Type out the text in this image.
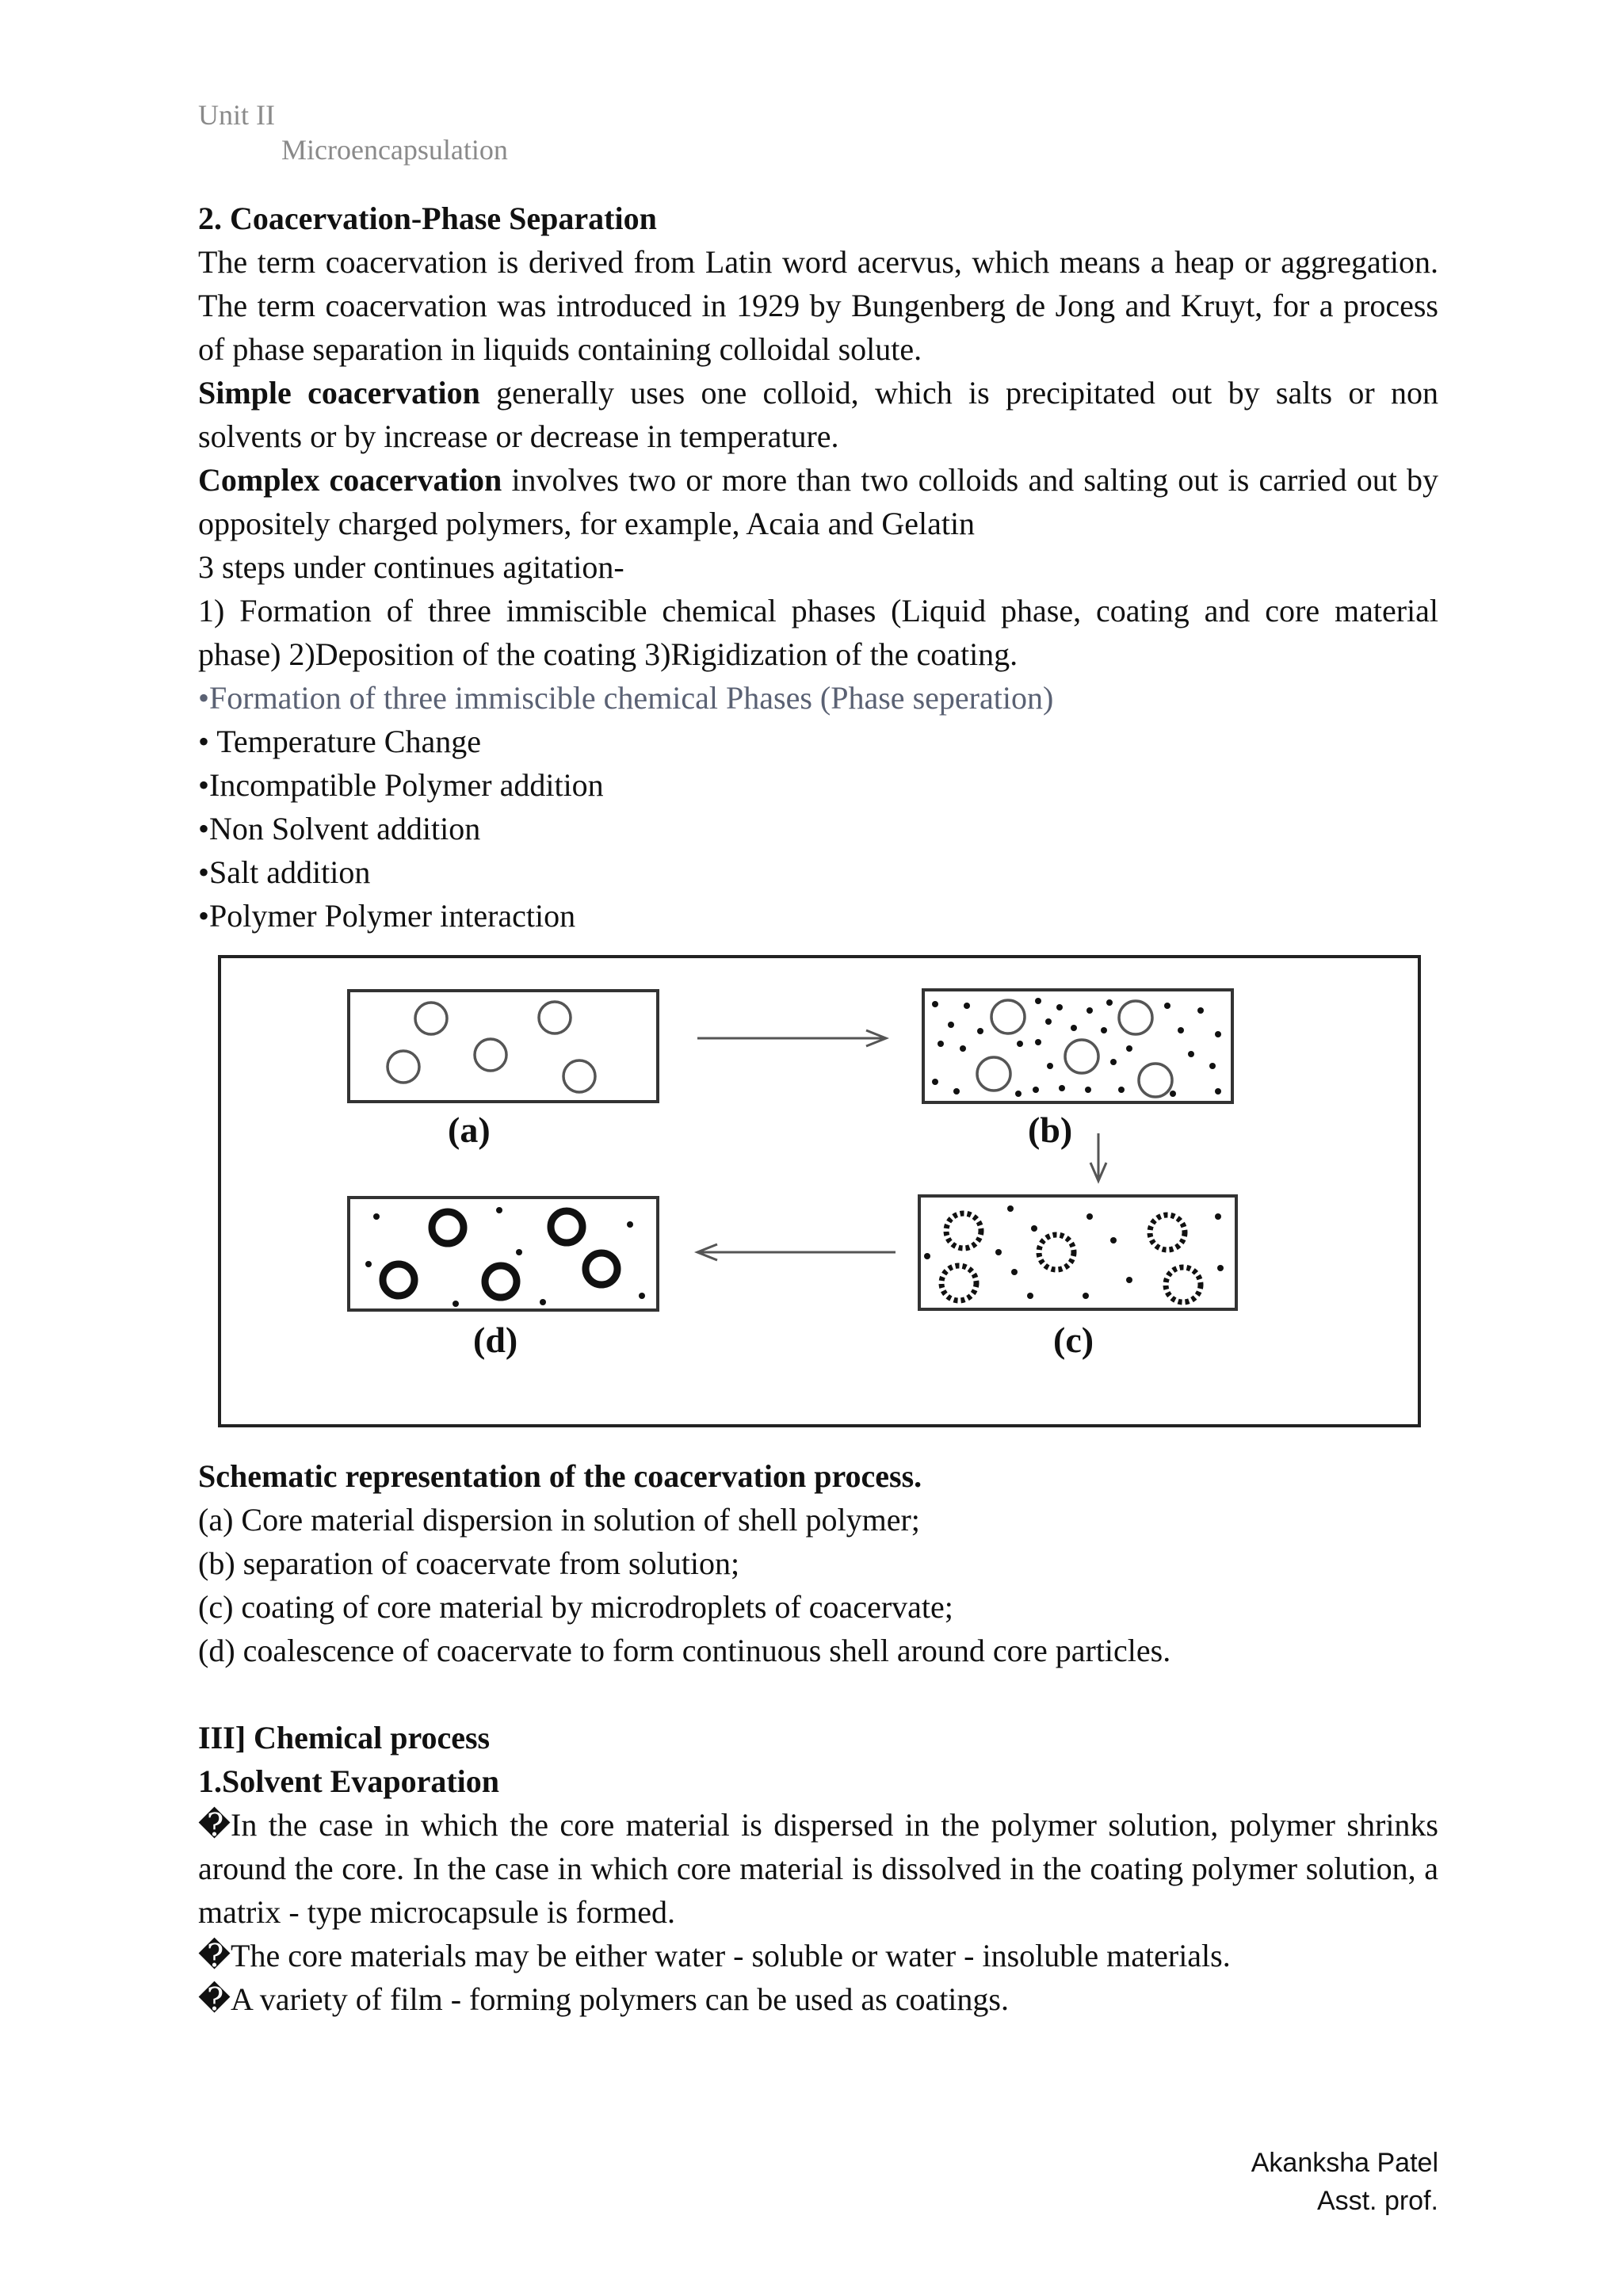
Unit II
Microencapsulation

2. Coacervation-Phase Separation

The term coacervation is derived from Latin word acervus, which means a heap or aggregation. The term coacervation was introduced in 1929 by Bungenberg de Jong and Kruyt, for a process of phase separation in liquids containing colloidal solute.

Simple coacervation generally uses one colloid, which is precipitated out by salts or non solvents or by increase or decrease in temperature.

Complex coacervation involves two or more than two colloids and salting out is carried out by oppositely charged polymers, for example, Acaia and Gelatin

3 steps under continues agitation-

1) Formation of three immiscible chemical phases (Liquid phase, coating and core material phase) 2)Deposition of the coating 3)Rigidization of the coating.

•Formation of three immiscible chemical Phases (Phase seperation)

• Temperature Change

•Incompatible Polymer addition

•Non Solvent addition

•Salt addition

•Polymer Polymer interaction

(a)	(b)
(c)
(d)

Schematic representation of the coacervation process.

(a) Core material dispersion in solution of shell polymer;

(b) separation of coacervate from solution;

(c) coating of core material by microdroplets of coacervate;

(d) coalescence of coacervate to form continuous shell around core particles.

III] Chemical process

1.Solvent Evaporation

�In the case in which the core material is dispersed in the polymer solution, polymer shrinks around the core. In the case in which core material is dissolved in the coating polymer solution, a matrix - type microcapsule is formed.

�The core materials may be either water - soluble or water - insoluble materials.

�A variety of film - forming polymers can be used as coatings.

Akanksha Patel
Asst. prof.
